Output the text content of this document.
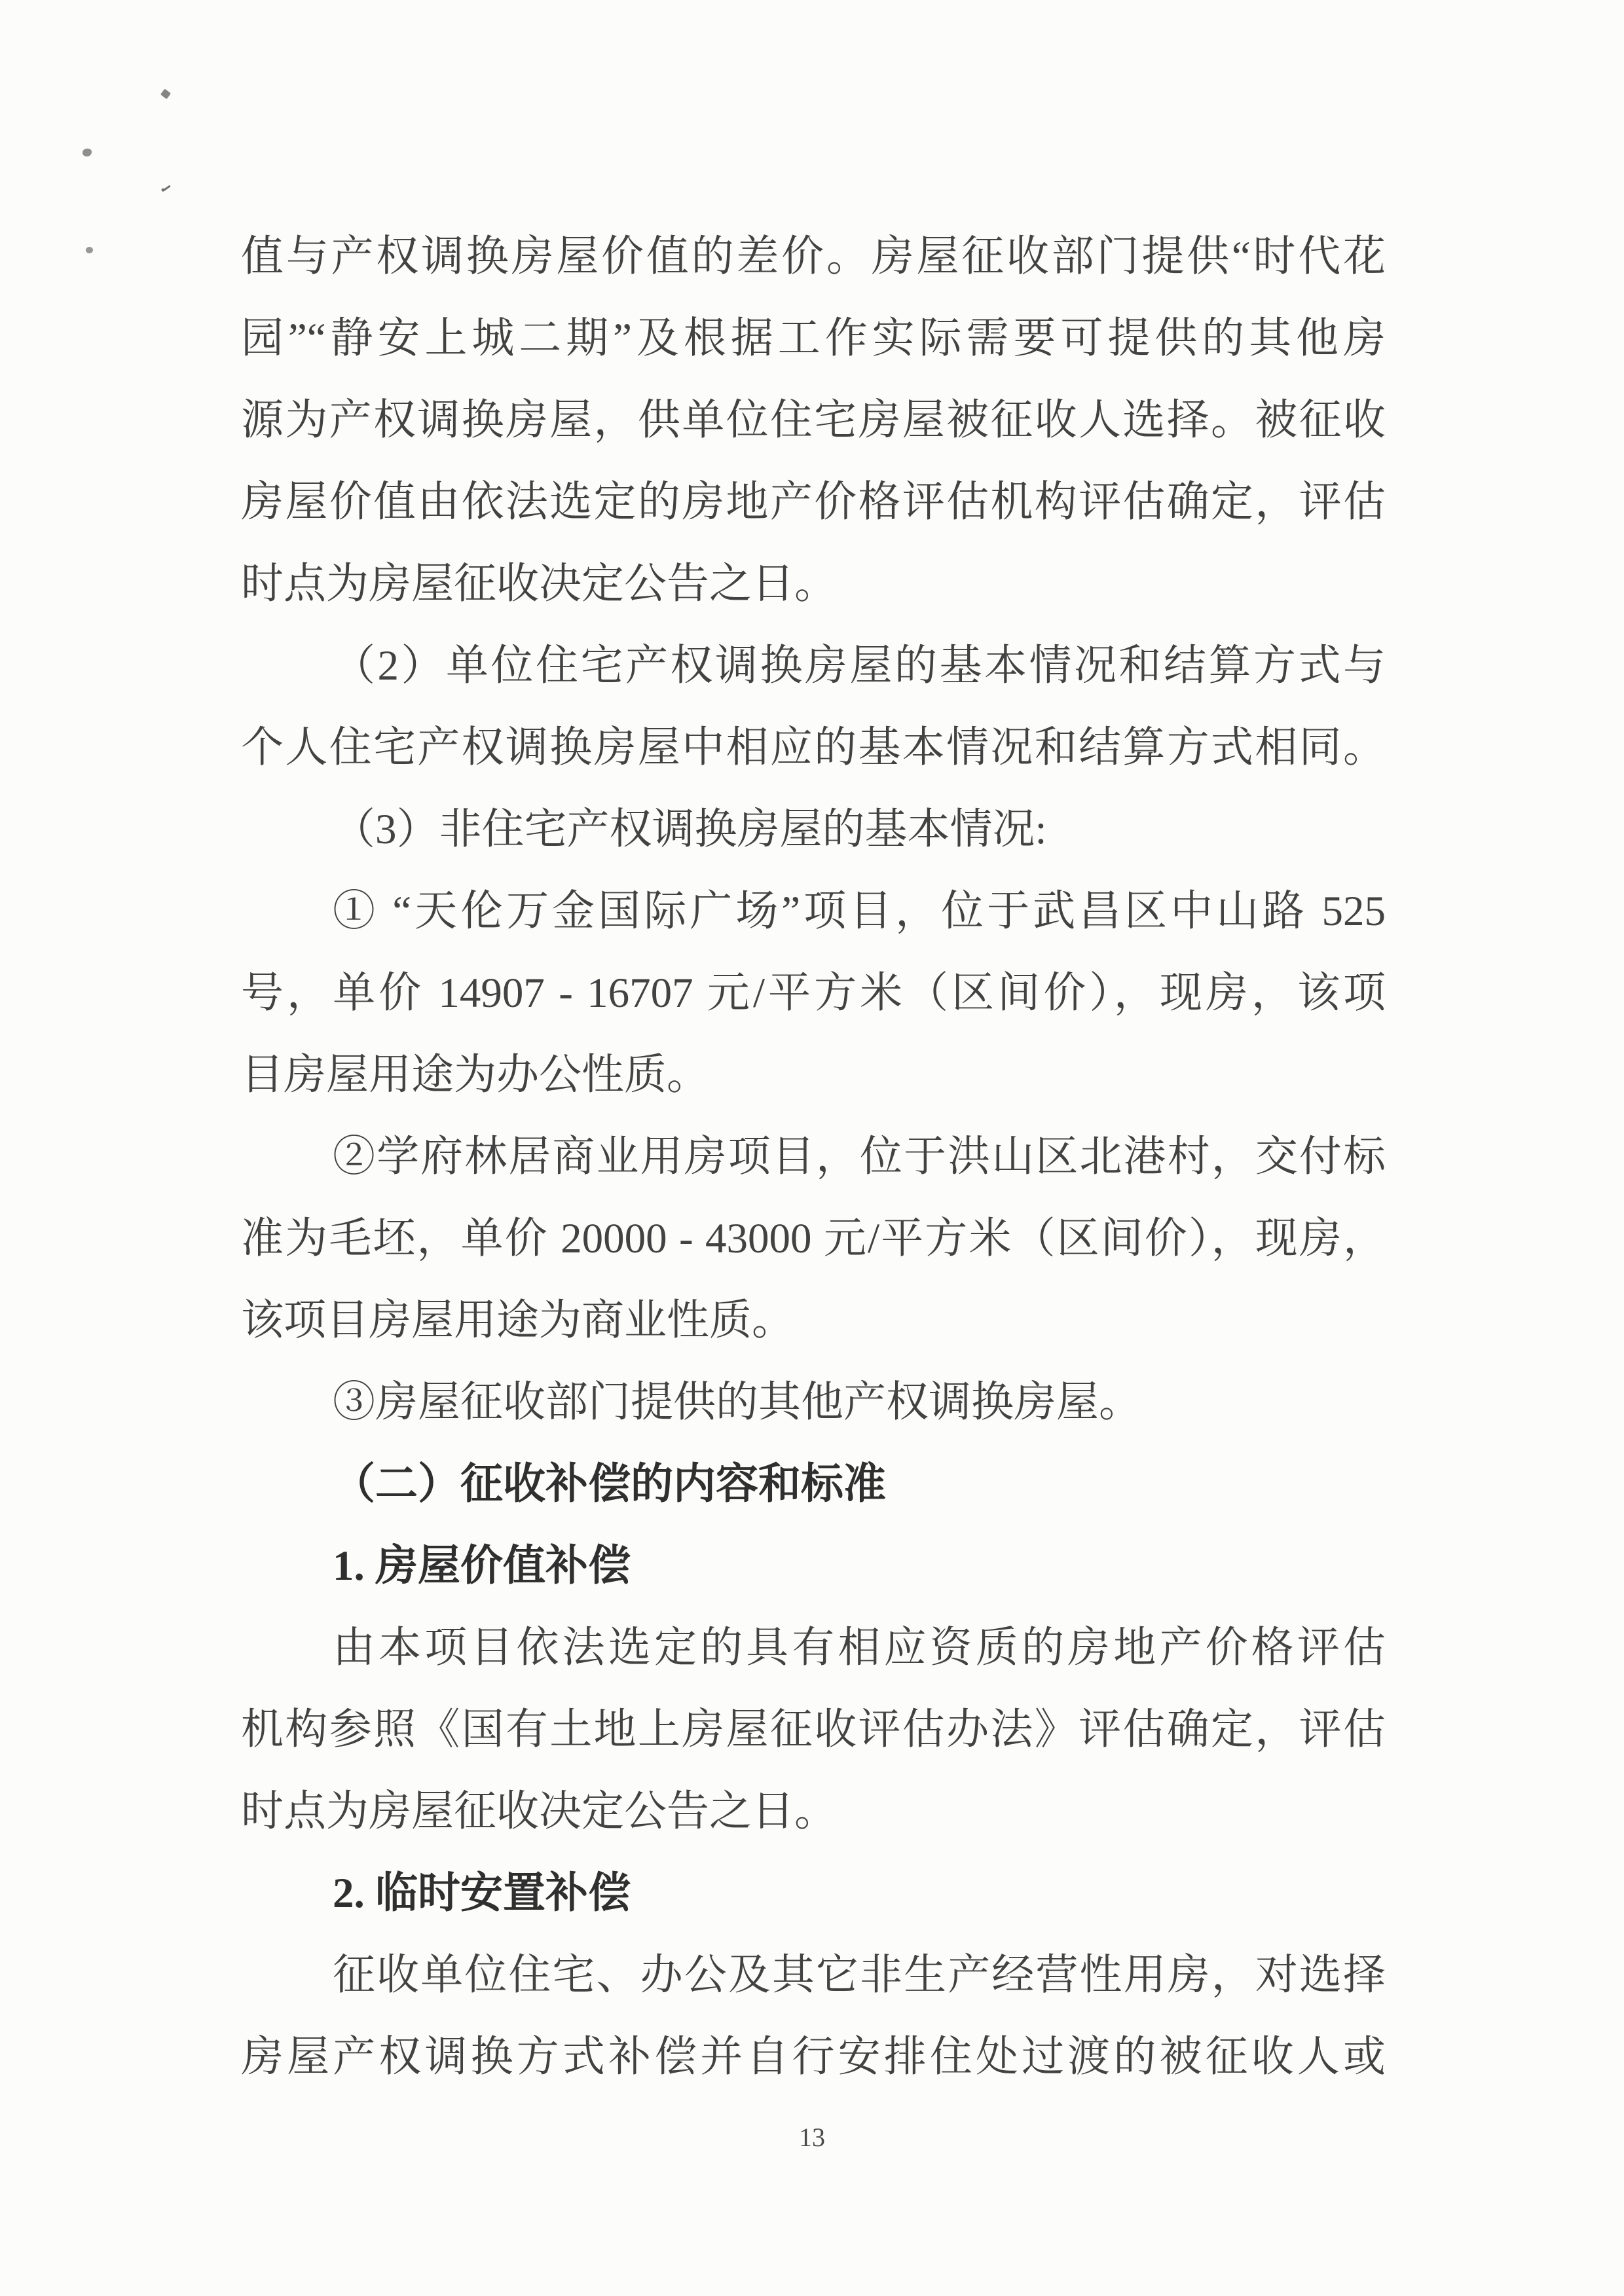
值与产权调换房屋价值的差价。房屋征收部门提供“时代花
园”“静安上城二期”及根据工作实际需要可提供的其他房
源为产权调换房屋，供单位住宅房屋被征收人选择。被征收
房屋价值由依法选定的房地产价格评估机构评估确定，评估
时点为房屋征收决定公告之日。
（2）单位住宅产权调换房屋的基本情况和结算方式与
个人住宅产权调换房屋中相应的基本情况和结算方式相同。
（3）非住宅产权调换房屋的基本情况:
① “天伦万金国际广场”项目，位于武昌区中山路 525
号，单价 14907 - 16707 元/平方米（区间价），现房，该项
目房屋用途为办公性质。
②学府林居商业用房项目，位于洪山区北港村，交付标
准为毛坯，单价 20000 - 43000 元/平方米（区间价），现房，
该项目房屋用途为商业性质。
③房屋征收部门提供的其他产权调换房屋。
（二）征收补偿的内容和标准
1. 房屋价值补偿
由本项目依法选定的具有相应资质的房地产价格评估
机构参照《国有土地上房屋征收评估办法》评估确定，评估
时点为房屋征收决定公告之日。
2. 临时安置补偿
征收单位住宅、办公及其它非生产经营性用房，对选择
房屋产权调换方式补偿并自行安排住处过渡的被征收人或
13
